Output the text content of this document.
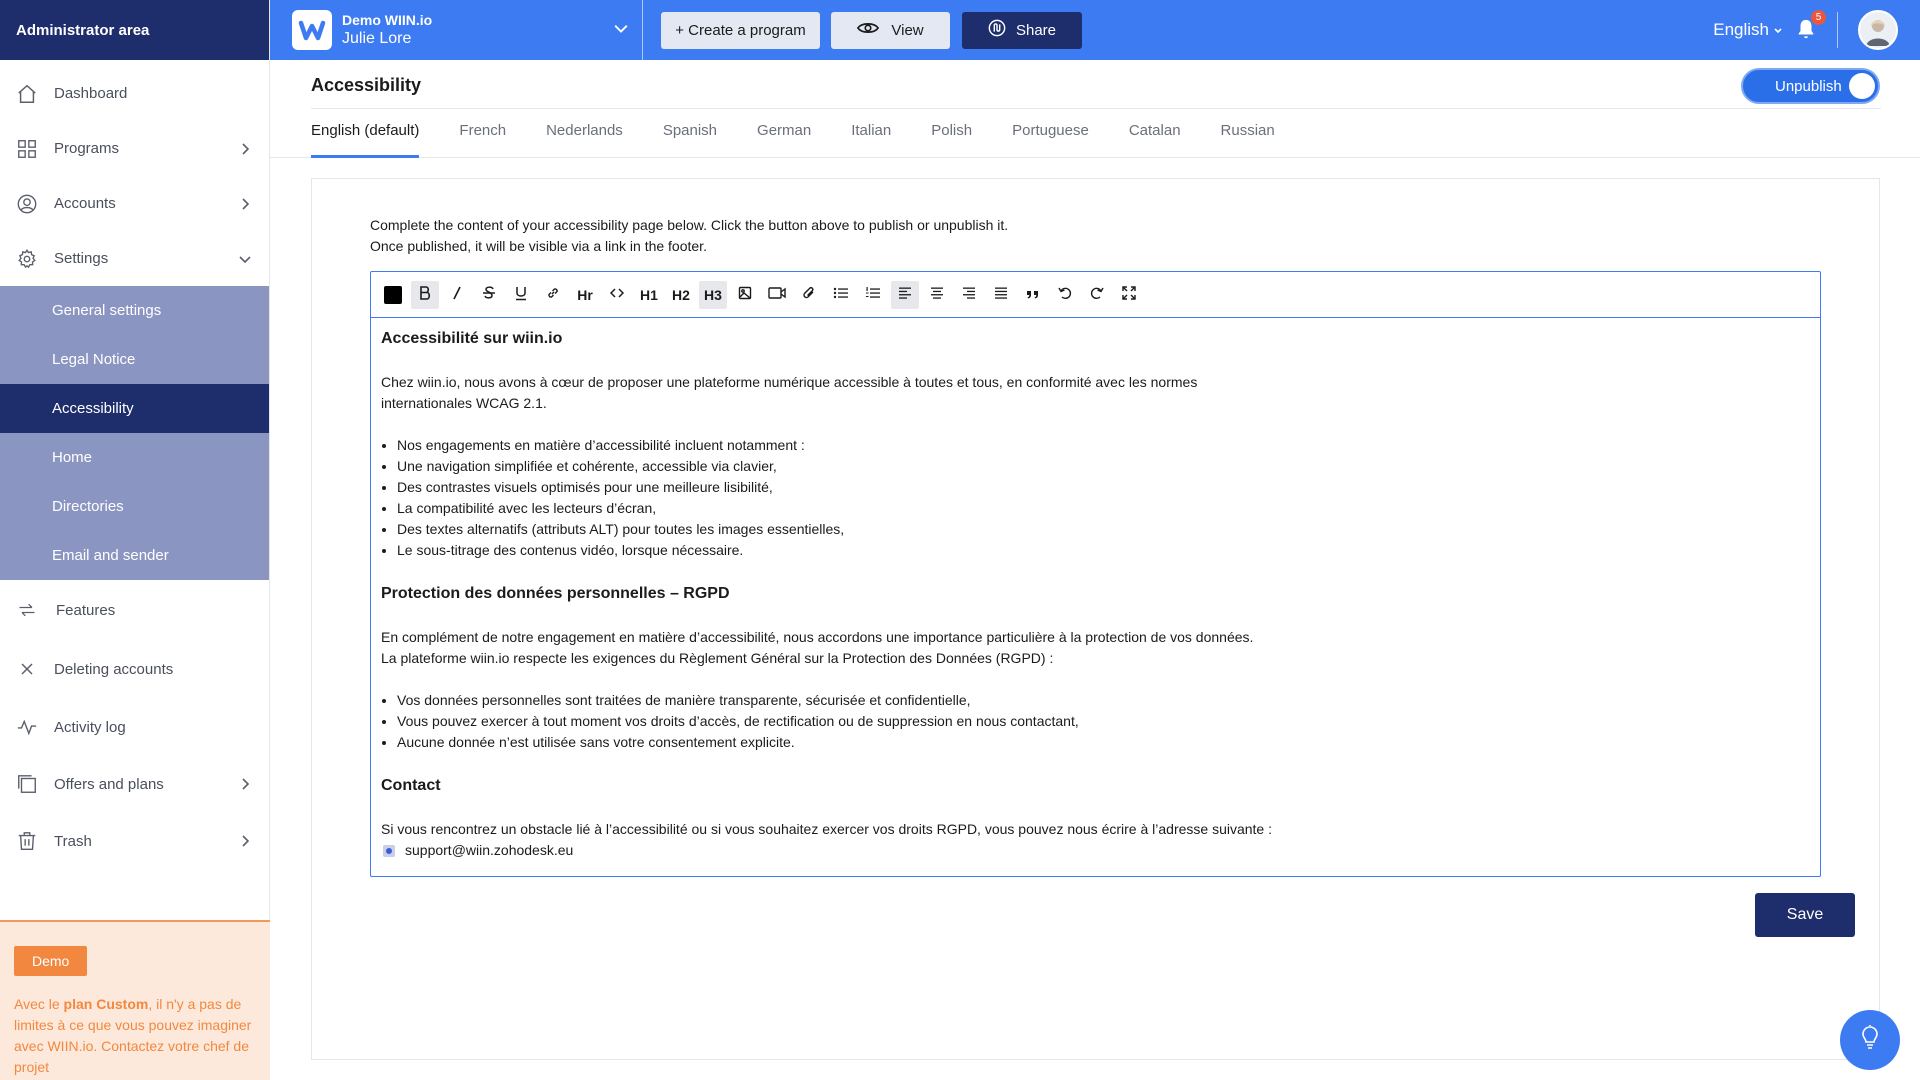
Administrator area
Dashboard
Programs
Accounts
Settings
General settings
Legal Notice
Accessibility
Home
Directories
Email and sender
Features
Deleting accounts
Activity log
Offers and plans
Trash
Demo
Avec le plan Custom, il n'y a pas de limites à ce que vous pouvez imaginer avec WIIN.io. Contactez votre chef de projet
Demo WIIN.io
Julie Lore	+ Create a program	View	Share	English
5
Accessibility	Unpublish
English (default)	French	Nederlands	Spanish	German	Italian	Polish	Portuguese	Catalan	Russian
Complete the content of your accessibility page below. Click the button above to publish or unpublish it.
Once published, it will be visible via a link in the footer.
Hr	H1	H2	H3
Accessibilité sur wiin.io

Chez wiin.io, nous avons à cœur de proposer une plateforme numérique accessible à toutes et tous, en conformité avec les normes

internationales WCAG 2.1.

• Nos engagements en matière d’accessibilité incluent notamment :
• Une navigation simplifiée et cohérente, accessible via clavier,
• Des contrastes visuels optimisés pour une meilleure lisibilité,
• La compatibilité avec les lecteurs d’écran,
• Des textes alternatifs (attributs ALT) pour toutes les images essentielles,
• Le sous-titrage des contenus vidéo, lorsque nécessaire.
Protection des données personnelles – RGPD

En complément de notre engagement en matière d’accessibilité, nous accordons une importance particulière à la protection de vos données.

La plateforme wiin.io respecte les exigences du Règlement Général sur la Protection des Données (RGPD) :

• Vos données personnelles sont traitées de manière transparente, sécurisée et confidentielle,
• Vous pouvez exercer à tout moment vos droits d’accès, de rectification ou de suppression en nous contactant,
• Aucune donnée n’est utilisée sans votre consentement explicite.
Contact

Si vous rencontrez un obstacle lié à l’accessibilité ou si vous souhaitez exercer vos droits RGPD, vous pouvez nous écrire à l’adresse suivante :

support@wiin.zohodesk.eu
Save
